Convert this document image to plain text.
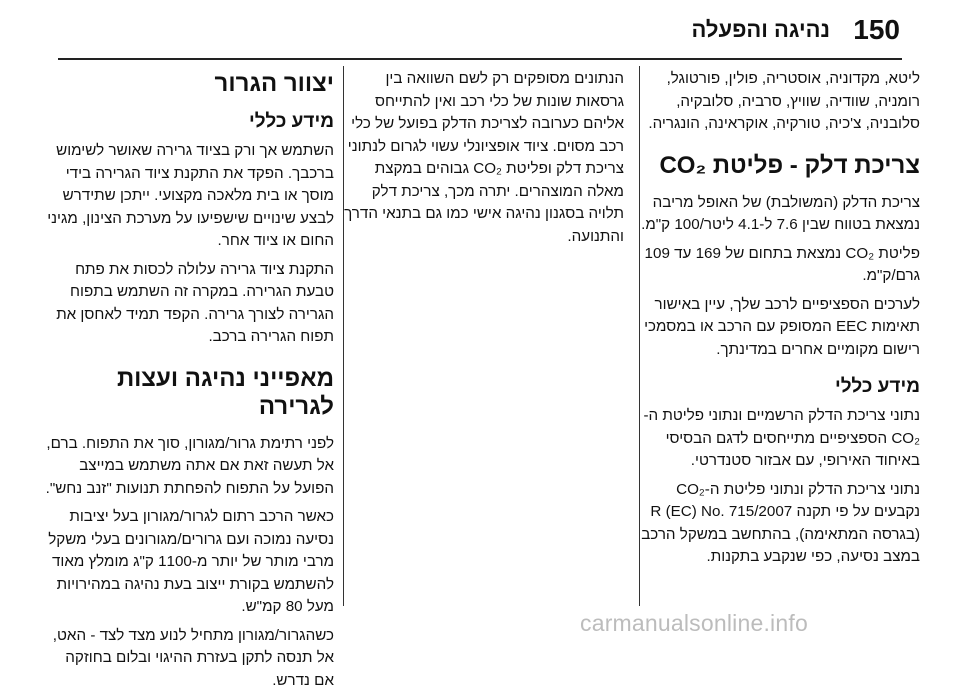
150
נהיגה והפעלה

ליטא, מקדוניה, אוסטריה, פולין, פורטוגל, רומניה, שוודיה, שוויץ, סרביה, סלובקיה, סלובניה, צ'כיה, טורקיה, אוקראינה, הונגריה.

צריכת דלק - פליטת CO₂

צריכת הדלק (המשולבת) של האופל מריבה נמצאת בטווח שבין 7.6 ל-4.1 ליטר/100 ק"מ.

פליטת CO₂ נמצאת בתחום של 169 עד 109 גרם/ק"מ.

לערכים הספציפיים לרכב שלך, עיין באישור תאימות EEC המסופק עם הרכב או במסמכי רישום מקומיים אחרים במדינתך.

מידע כללי

נתוני צריכת הדלק הרשמיים ונתוני פליטת ה-CO₂ הספציפיים מתייחסים לדגם הבסיסי באיחוד האירופי, עם אבזור סטנדרטי.

נתוני צריכת הדלק ונתוני פליטת ה-CO₂ נקבעים על פי תקנה R (EC) No. 715/2007 (בגרסה המתאימה), בהתחשב במשקל הרכב במצב נסיעה, כפי שנקבע בתקנות.

הנתונים מסופקים רק לשם השוואה בין גרסאות שונות של כלי רכב ואין להתייחס אליהם כערובה לצריכת הדלק בפועל של כלי רכב מסוים. ציוד אופציונלי עשוי לגרום לנתוני צריכת דלק ופליטת CO₂ גבוהים במקצת מאלה המוצהרים. יתרה מכך, צריכת דלק תלויה בסגנון נהיגה אישי כמו גם בתנאי הדרך והתנועה.

יצוור הגרור
מידע כללי

השתמש אך ורק בציוד גרירה שאושר לשימוש ברכבך. הפקד את התקנת ציוד הגרירה בידי מוסך או בית מלאכה מקצועי. ייתכן שתידרש לבצע שינויים שישפיעו על מערכת הצינון, מגיני החום או ציוד אחר.

התקנת ציוד גרירה עלולה לכסות את פתח טבעת הגרירה. במקרה זה השתמש בתפוח הגרירה לצורך גרירה. הקפד תמיד לאחסן את תפוח הגרירה ברכב.

מאפייני נהיגה ועצות לגרירה

לפני רתימת גרור/מגורון, סוך את התפוח. ברם, אל תעשה זאת אם אתה משתמש במייצב הפועל על התפוח להפחתת תנועות "זנב נחש".

כאשר הרכב רתום לגרור/מגורון בעל יציבות נסיעה נמוכה ועם גרורים/מגורונים בעלי משקל מרבי מותר של יותר מ-1100 ק"ג מומלץ מאוד להשתמש בקורת ייצוב בעת נהיגה במהירויות מעל 80 קמ"ש.

כשהגרור/מגורון מתחיל לנוע מצד לצד - האט, אל תנסה לתקן בעזרת ההיגוי ובלום בחוזקה אם נדרש.

carmanualsonline.info
